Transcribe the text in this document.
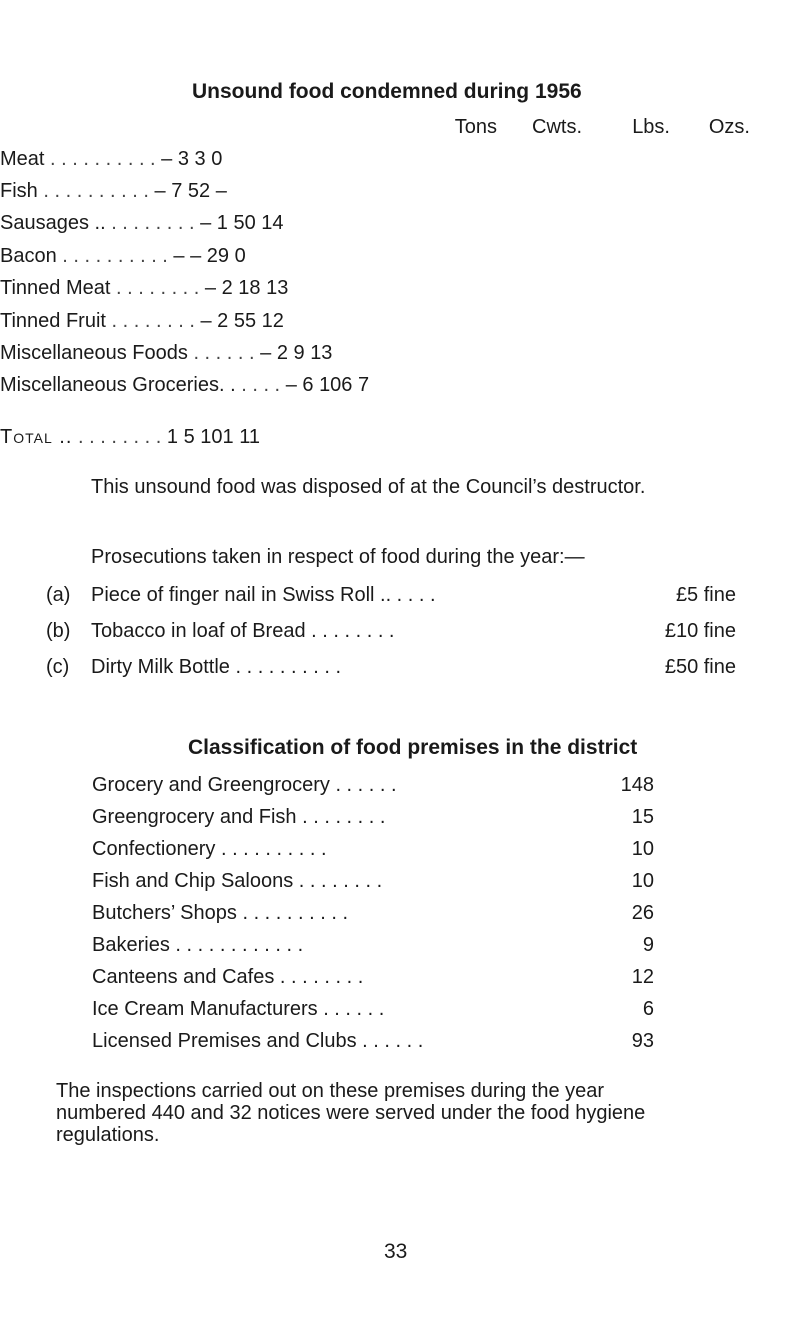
Unsound food condemned during 1956
Tons	Cwts.	Lbs.	Ozs.
Meat . . . . . . . . . . – 3 3 0
Fish . . . . . . . . . . – 7 52 –
Sausages .. . . . . . . . . – 1 50 14
Bacon . . . . . . . . . . – – 29 0
Tinned Meat . . . . . . . . – 2 18 13
Tinned Fruit . . . . . . . . – 2 55 12
Miscellaneous Foods . . . . . . – 2 9 13
Miscellaneous Groceries. . . . . . – 6 106 7
Total .. . . . . . . . . 1 5 101 11
This unsound food was disposed of at the Council’s destructor.
Prosecutions taken in respect of food during the year:—
(a) Piece of finger nail in Swiss Roll .. . . . .	£5 fine
(b) Tobacco in loaf of Bread . . . . . . . .	£10 fine
(c) Dirty Milk Bottle . . . . . . . . . .	£50 fine
Classification of food premises in the district
Grocery and Greengrocery . . . . . .	148
Greengrocery and Fish . . . . . . . .	15
Confectionery . . . . . . . . . .	10
Fish and Chip Saloons . . . . . . . .	10
Butchers’ Shops . . . . . . . . . .	26
Bakeries . . . . . . . . . . . .	9
Canteens and Cafes . . . . . . . .	12
Ice Cream Manufacturers . . . . . .	6
Licensed Premises and Clubs . . . . . .	93
The inspections carried out on these premises during the year
numbered 440 and 32 notices were served under the food hygiene
regulations.
33
